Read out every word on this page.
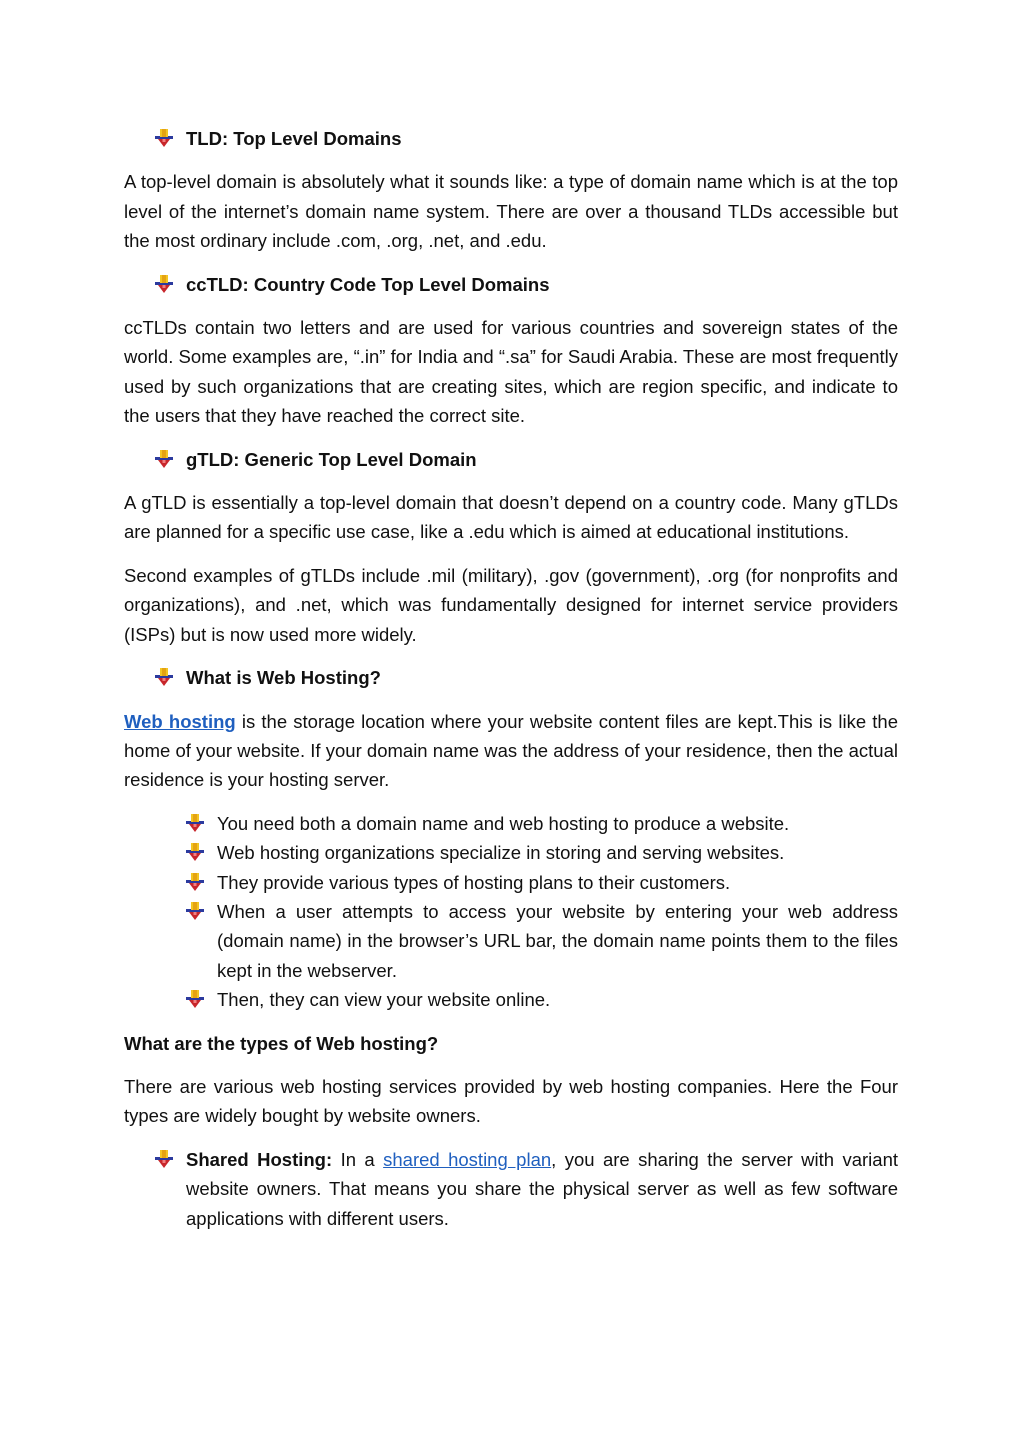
TLD: Top Level Domains

A top-level domain is absolutely what it sounds like: a type of domain name which is at the top level of the internet’s domain name system. There are over a thousand TLDs accessible but the most ordinary include .com, .org, .net, and .edu.

ccTLD: Country Code Top Level Domains

ccTLDs contain two letters and are used for various countries and sovereign states of the world. Some examples are, “.in” for India and “.sa” for Saudi Arabia. These are most frequently used by such organizations that are creating sites, which are region specific, and indicate to the users that they have reached the correct site.

gTLD: Generic Top Level Domain

A gTLD is essentially a top-level domain that doesn’t depend on a country code. Many gTLDs are planned for a specific use case, like a .edu which is aimed at educational institutions.

Second examples of gTLDs include .mil (military), .gov (government), .org (for nonprofits and organizations), and .net, which was fundamentally designed for internet service providers (ISPs) but is now used more widely.

What is Web Hosting?

Web hosting is the storage location where your website content files are kept.This is like the home of your website. If your domain name was the address of your residence, then the actual residence is your hosting server.

You need both a domain name and web hosting to produce a website.
Web hosting organizations specialize in storing and serving websites.
They provide various types of hosting plans to their customers.
When a user attempts to access your website by entering your web address (domain name) in the browser’s URL bar, the domain name points them to the files kept in the webserver.
Then, they can view your website online.
What are the types of Web hosting?

There are various web hosting services provided by web hosting companies. Here the Four types are widely bought by website owners.

Shared Hosting: In a shared hosting plan, you are sharing the server with variant website owners. That means you share the physical server as well as few software applications with different users.
